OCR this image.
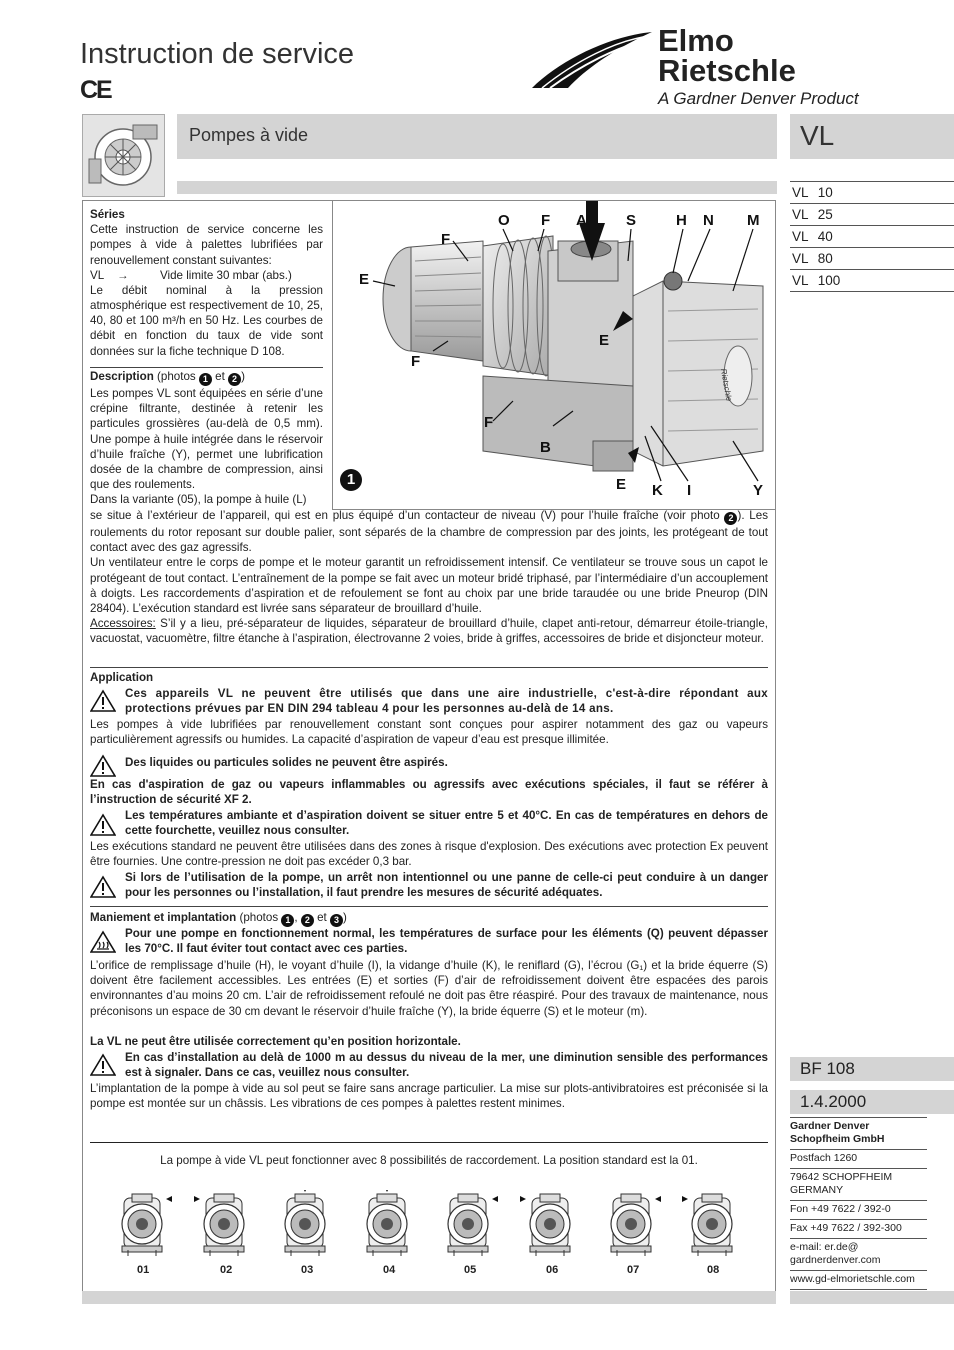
Instruction de service
CE
Elmo
Rietschle
A Gardner Denver Product
Pompes à vide	VL
VL 10
VL 25
VL 40
VL 80
VL 100
Séries
Cette instruction de service concerne les pompes à vide à palettes lubrifiées par renouvellement constant suivantes:
VL →	Vide limite 30 mbar (abs.)
Le débit nominal à la pression atmosphérique est respectivement de 10, 25, 40, 80 et 100 m³/h en 50 Hz. Les courbes de débit en fonction du taux de vide sont données sur la fiche technique D 108.
Description (photos 1 et 2 )
Les pompes VL sont équipées en série d’une crépine filtrante, destinée à retenir les particules grossières (au-delà de 0,5 mm). Une pompe à huile intégrée dans le réservoir d’huile fraîche (Y), permet une lubrification dosée de la chambre de compression, ainsi que des roulements.
Dans la variante (05), la pompe à huile (L)
Rietschle
O F A	S	H N M
F
E
F
E
F
B
E K I	Y
1
se situe à l’extérieur de l’appareil, qui est en plus équipé d’un contacteur de niveau (V) pour l’huile fraîche (voir photo 2 ). Les roulements du rotor reposant sur double palier, sont séparés de la chambre de compression par des joints, les protégeant de tout contact avec des gaz agressifs.
Un ventilateur entre le corps de pompe et le moteur garantit un refroidissement intensif. Ce ventilateur se trouve sous un capot le protégeant de tout contact. L’entraînement de la pompe se fait avec un moteur bridé triphasé, par l’intermédiaire d’un accouplement à doigts. Les raccordements d’aspiration et de refoulement se font au choix par une bride taraudée ou une bride Pneurop (DIN 28404). L’exécution standard est livrée sans séparateur de brouillard d’huile.
Accessoires: S’il y a lieu, pré-séparateur de liquides, séparateur de brouillard d’huile, clapet anti-retour, démarreur étoile-triangle, vacuostat, vacuomètre, filtre étanche à l’aspiration, électrovanne 2 voies, bride à griffes, accessoires de bride et disjoncteur moteur.
Application
Ces appareils VL ne peuvent être utilisés que dans une aire industrielle, c'est-à-dire répondant aux protections prévues par EN DIN 294 tableau 4 pour les personnes au-delà de 14 ans.
Les pompes à vide lubrifiées par renouvellement constant sont conçues pour aspirer notamment des gaz ou vapeurs particulièrement agressifs ou humides. La capacité d’aspiration de vapeur d’eau est presque illimitée.
Des liquides ou particules solides ne peuvent être aspirés.
En cas d'aspiration de gaz ou vapeurs inflammables ou agressifs avec exécutions spéciales, il faut se référer à l’instruction de sécurité XF 2.
Les températures ambiante et d’aspiration doivent se situer entre 5 et 40°C. En cas de températures en dehors de cette fourchette, veuillez nous consulter.
Les exécutions standard ne peuvent être utilisées dans des zones à risque d'explosion. Des exécutions avec protection Ex peuvent être fournies. Une contre-pression ne doit pas excéder 0,3 bar.
Si lors de l’utilisation de la pompe, un arrêt non intentionnel ou une panne de celle-ci peut conduire à un danger pour les personnes ou l’installation, il faut prendre les mesures de sécurité adéquates.
Maniement et implantation (photos 1 , 2 et 3 )
Pour une pompe en fonctionnement normal, les températures de surface pour les éléments (Q) peuvent dépasser les 70°C. Il faut éviter tout contact avec ces parties.
L’orifice de remplissage d’huile (H), le voyant d’huile (I), la vidange d’huile (K), le reniflard (G), l’écrou (G₁) et la bride équerre (S) doivent être facilement accessibles. Les entrées (E) et sorties (F) d’air de refroidissement doivent être espacées des parois environnantes d’au moins 20 cm. L’air de refroidissement refoulé ne doit pas être réaspiré. Pour des travaux de maintenance, nous préconisons un espace de 30 cm devant le réservoir d’huile fraîche (Y), la bride équerre (S) et le moteur (m).
La VL ne peut être utilisée correctement qu’en position horizontale.
En cas d’installation au delà de 1000 m au dessus du niveau de la mer, une diminution sensible des performances est à signaler. Dans ce cas, veuillez nous consulter.
L’implantation de la pompe à vide au sol peut se faire sans ancrage particulier. La mise sur plots-antivibratoires est préconisée si la pompe est montée sur un châssis. Les vibrations de ces pompes à palettes restent minimes.
La pompe à vide VL peut fonctionner avec 8 possibilités de raccordement. La position standard est la 01.
01	02	03	04	05	06	07	08
BF 108
1.4.2000
Gardner Denver Schopfheim GmbH
Postfach 1260
79642 SCHOPFHEIM GERMANY
Fon +49 7622 / 392-0
Fax +49 7622 / 392-300
e-mail: er.de@ gardnerdenver.com
www.gd-elmorietschle.com
